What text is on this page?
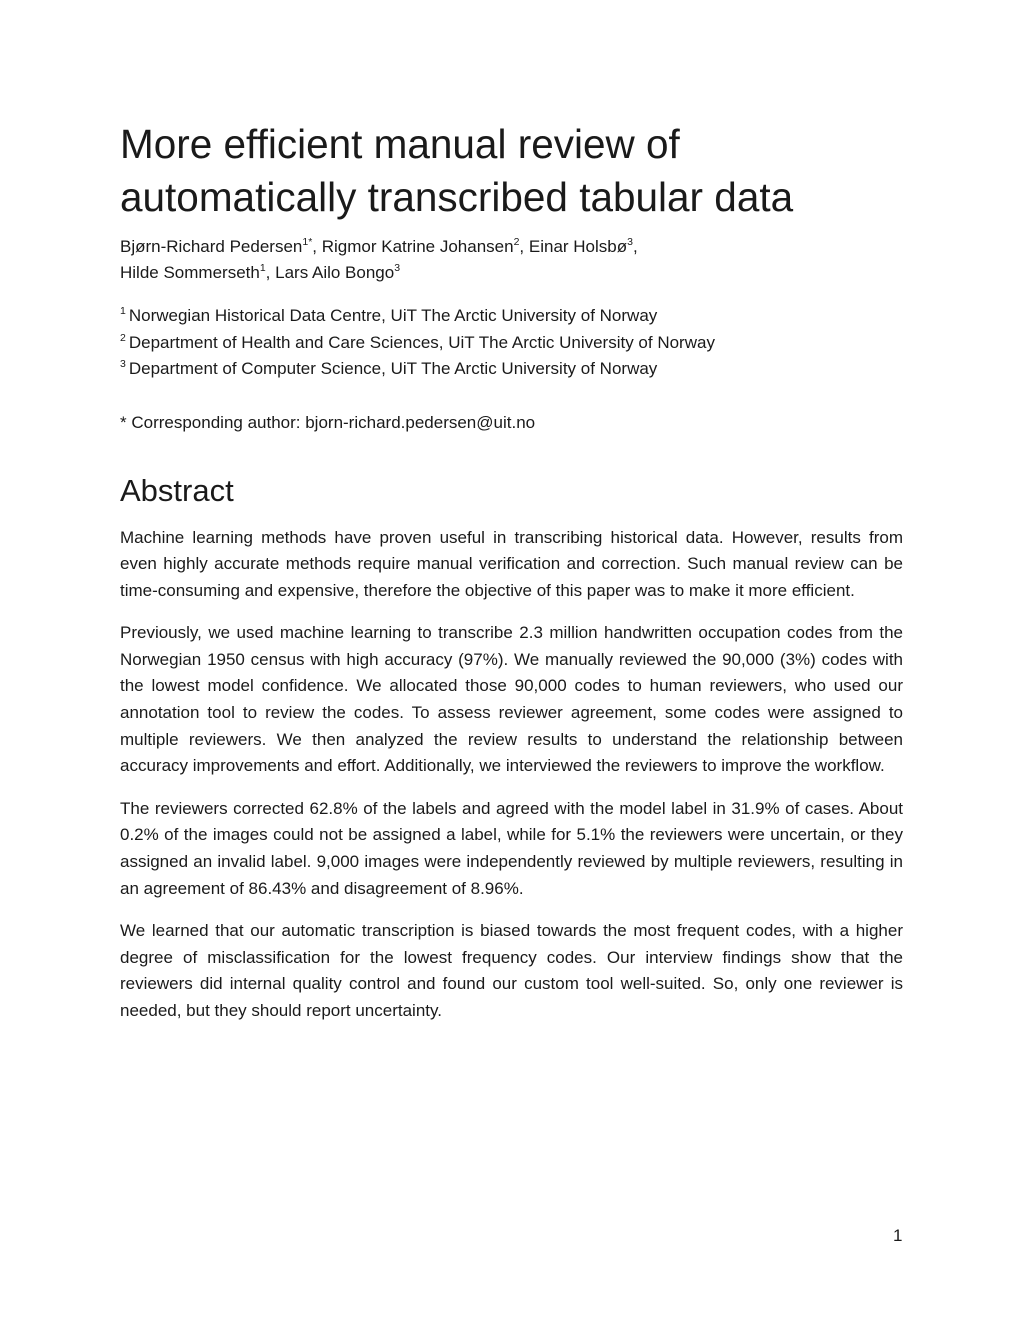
More efficient manual review of
automatically transcribed tabular data

Bjørn-Richard Pedersen$^{1*}$, Rigmor Katrine Johansen$^2$, Einar Holsbø$^3$,

Hilde Sommerseth$^1$, Lars Ailo Bongo$^3$

$^1$ Norwegian Historical Data Centre, UiT The Arctic University of Norway

$^2$ Department of Health and Care Sciences, UiT The Arctic University of Norway

$^3$ Department of Computer Science, UiT The Arctic University of Norway

* Corresponding author: bjorn-richard.pedersen@uit.no

Abstract

Machine learning methods have proven useful in transcribing historical data. However, results from even highly accurate methods require manual verification and correction. Such manual review can be time-consuming and expensive, therefore the objective of this paper was to make it more efficient.

Previously, we used machine learning to transcribe 2.3 million handwritten occupation codes from the Norwegian 1950 census with high accuracy (97%). We manually reviewed the 90,000 (3%) codes with the lowest model confidence. We allocated those 90,000 codes to human reviewers, who used our annotation tool to review the codes. To assess reviewer agreement, some codes were assigned to multiple reviewers. We then analyzed the review results to understand the relationship between accuracy improvements and effort. Additionally, we interviewed the reviewers to improve the workflow.

The reviewers corrected 62.8% of the labels and agreed with the model label in 31.9% of cases. About 0.2% of the images could not be assigned a label, while for 5.1% the reviewers were uncertain, or they assigned an invalid label. 9,000 images were independently reviewed by multiple reviewers, resulting in an agreement of 86.43% and disagreement of 8.96%.

We learned that our automatic transcription is biased towards the most frequent codes, with a higher degree of misclassification for the lowest frequency codes. Our interview findings show that the reviewers did internal quality control and found our custom tool well-suited. So, only one reviewer is needed, but they should report uncertainty.

1
